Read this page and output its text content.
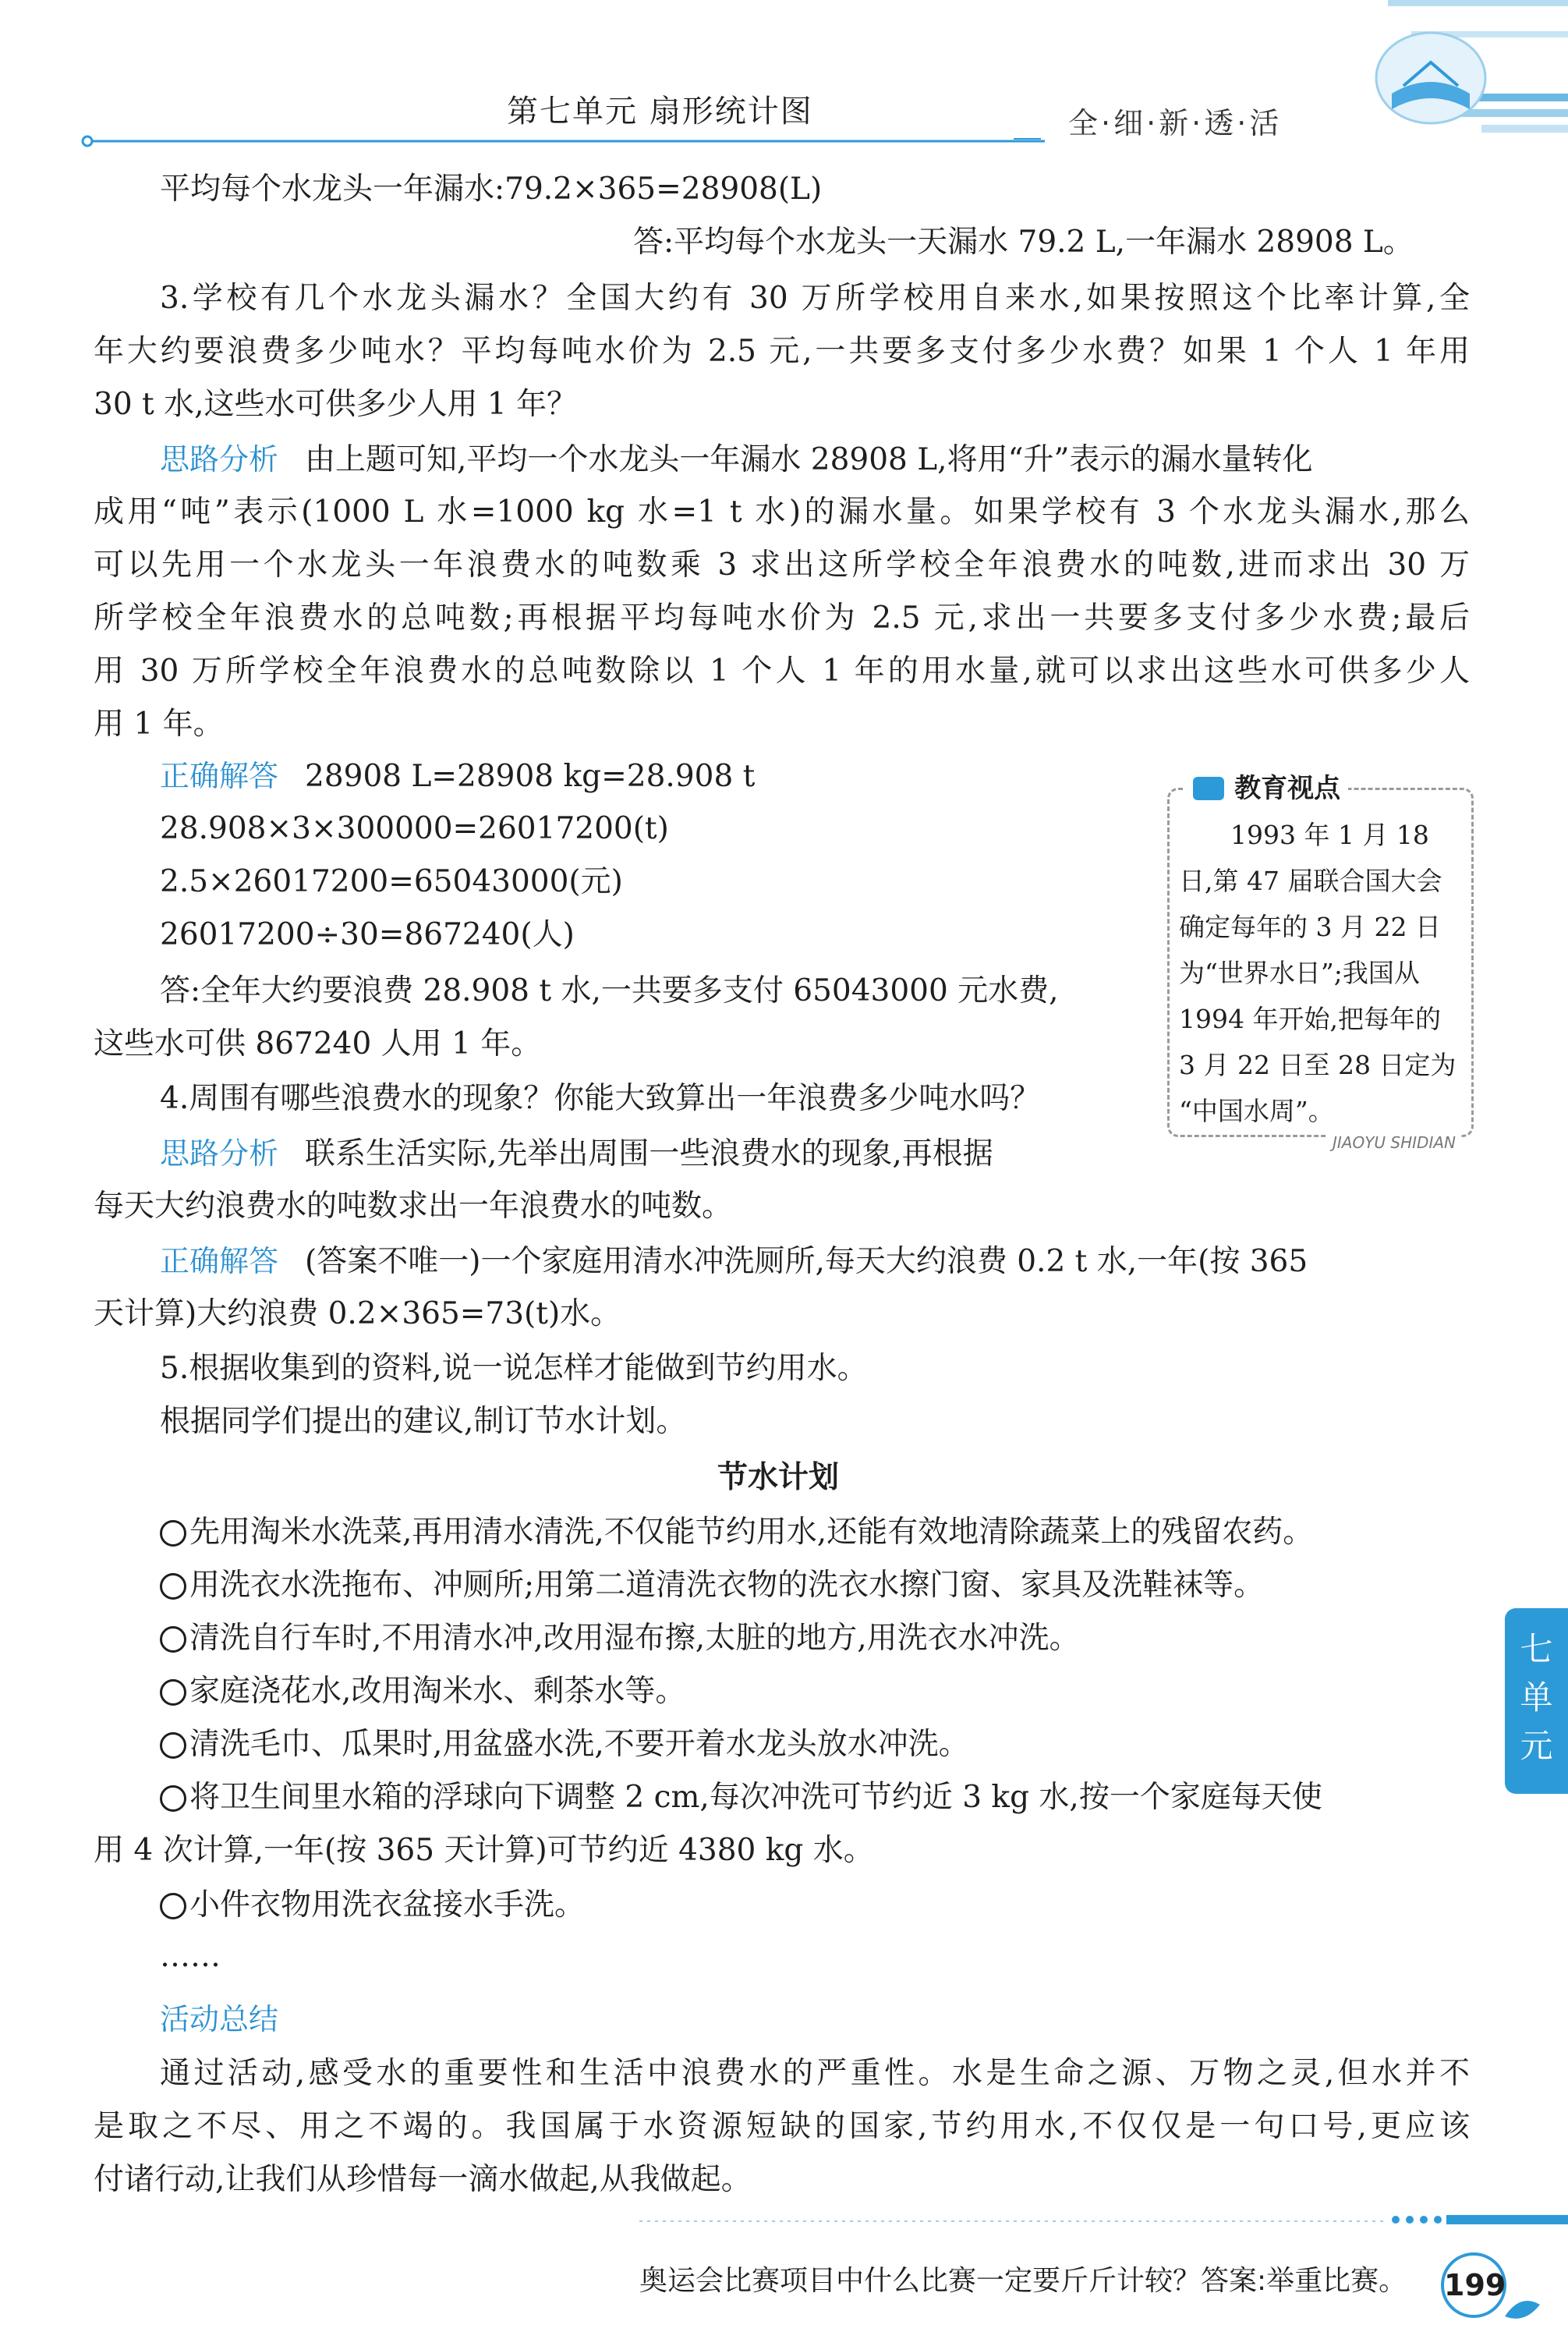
第七单元 扇形统计图	全·细·新·透·活
平均每个水龙头一年漏水:79.2×365=28908(L)
答:平均每个水龙头一天漏水 79.2 L,一年漏水 28908 L。
3.学校有几个水龙头漏水？全国大约有 30 万所学校用自来水,如果按照这个比率计算,全
年大约要浪费多少吨水？平均每吨水价为 2.5 元,一共要多支付多少水费？如果 1 个人 1 年用
30 t 水,这些水可供多少人用 1 年？
思路分析 由上题可知,平均一个水龙头一年漏水 28908 L,将用“升”表示的漏水量转化
成用“吨”表示(1000 L 水=1000 kg 水=1 t 水)的漏水量。如果学校有 3 个水龙头漏水,那么
可以先用一个水龙头一年浪费水的吨数乘 3 求出这所学校全年浪费水的吨数,进而求出 30 万
所学校全年浪费水的总吨数;再根据平均每吨水价为 2.5 元,求出一共要多支付多少水费;最后
用 30 万所学校全年浪费水的总吨数除以 1 个人 1 年的用水量,就可以求出这些水可供多少人
用 1 年。
正确解答 28908 L=28908 kg=28.908 t
28.908×3×300000=26017200(t)
2.5×26017200=65043000(元)
26017200÷30=867240(人)
答:全年大约要浪费 28.908 t 水,一共要多支付 65043000 元水费,
这些水可供 867240 人用 1 年。
4.周围有哪些浪费水的现象？你能大致算出一年浪费多少吨水吗？
思路分析 联系生活实际,先举出周围一些浪费水的现象,再根据
每天大约浪费水的吨数求出一年浪费水的吨数。
正确解答 (答案不唯一)一个家庭用清水冲洗厕所,每天大约浪费 0.2 t 水,一年(按 365
天计算)大约浪费 0.2×365=73(t)水。
5.根据收集到的资料,说一说怎样才能做到节约用水。
根据同学们提出的建议,制订节水计划。
节水计划
先用淘米水洗菜,再用清水清洗,不仅能节约用水,还能有效地清除蔬菜上的残留农药。
用洗衣水洗拖布、冲厕所;用第二道清洗衣物的洗衣水擦门窗、家具及洗鞋袜等。
清洗自行车时,不用清水冲,改用湿布擦,太脏的地方,用洗衣水冲洗。
家庭浇花水,改用淘米水、剩茶水等。
清洗毛巾、瓜果时,用盆盛水洗,不要开着水龙头放水冲洗。
将卫生间里水箱的浮球向下调整 2 cm,每次冲洗可节约近 3 kg 水,按一个家庭每天使
用 4 次计算,一年(按 365 天计算)可节约近 4380 kg 水。
小件衣物用洗衣盆接水手洗。
……
活动总结
通过活动,感受水的重要性和生活中浪费水的严重性。水是生命之源、万物之灵,但水并不
是取之不尽、用之不竭的。我国属于水资源短缺的国家,节约用水,不仅仅是一句口号,更应该
付诸行动,让我们从珍惜每一滴水做起,从我做起。
教育视点
1993 年 1 月 18
日,第 47 届联合国大会
确定每年的 3 月 22 日
为“世界水日”;我国从
1994 年开始,把每年的
3 月 22 日至 28 日定为
“中国水周”。
JIAOYU SHIDIAN
七
单
元
奥运会比赛项目中什么比赛一定要斤斤计较？答案:举重比赛。 199
